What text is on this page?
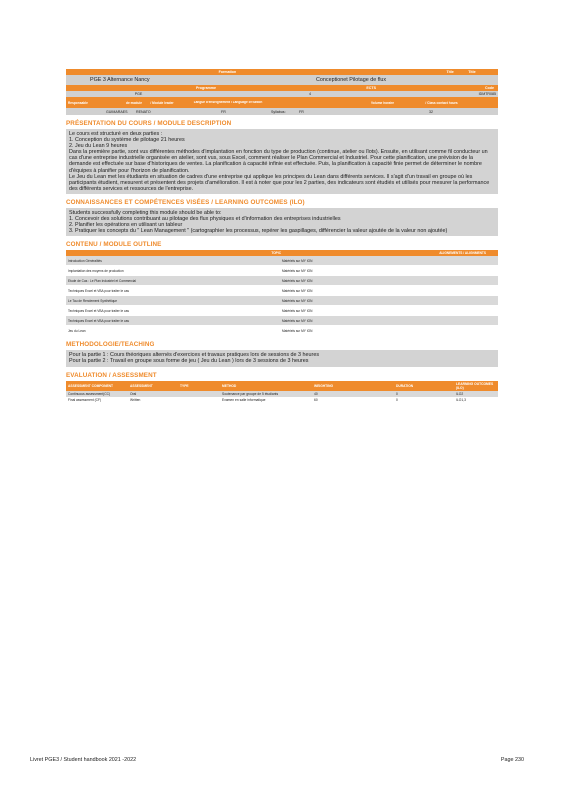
Formation	Title	Title
PGE 3 Alternance Nancy	Conceptionet Pilotage de flux
Programme	ECTS	Code
PGE	4	IDMTR085
Responsable	de module	/ Module leader	Langue d'enseignement / Language of tuition	Volume horaire	/ Class contact hours
GUIMARAES	RENATO	FR	Syllabus:	FR	32
PRÉSENTATION DU COURS / MODULE DESCRIPTION
Le cours est structuré en deux parties :
1. Conception du système de pilotage 21 heures
2. Jeu du Lean 9 heures
Dans la première partie, sont vus différentes méthodes d'implantation en fonction du type de production (continue, atelier ou îlots). Ensuite, en utilisant comme fil conducteur un cas d'une entreprise industrielle organisée en atelier, sont vus, sous Excel, comment réaliser le Plan Commercial et Industriel. Pour cette planification, une prévision de la demande est effectuée sur base d'historiques de ventes. La planification à capacité infinie est effectuée. Puis, la planification à capacité finie permet de déterminer le nombre d'équipes à planifier pour l'horizon de planification.
Le Jeu du Lean met les étudiants en situation de cadres d'une entreprise qui applique les principes du Lean dans différents services. Il s'agit d'un travail en groupe où les participants étudient, mesurent et présentent des projets d'amélioration. Il est à noter que pour les 2 parties, des indicateurs sont étudiés et utilisés pour mesurer la performance des différents services et ressources de l'entreprise.
CONNAISSANCES ET COMPÉTENCES VISÉES / LEARNING OUTCOMES (ILO)
Students successfully completing this module should be able to:
1. Concevoir des solutions contribuant au pilotage des flux physiques et d'information des entreprises industrielles
2. Planifier les opérations en utilisant un tableur
3. Pratiquer les concepts du " Lean Management " (cartographier les processus, repérer les gaspillages, différencier la valeur ajoutée de la valeur non ajoutée)
CONTENU / MODULE OUTLINE
TOPIC	ALIGNEMENTS / ALIGNMENTS
Introduction Généralités	Matériels sur MY ION
Implantation des moyens de production	Matériels sur MY ION
Etude de Cas : Le Plan Industriel et Commercial	Matériels sur MY ION
Techniques Excel et VBA pour traiter le cas	Matériels sur MY ION
Le Tau de Rendement Synthétique	Matériels sur MY ION
Techniques Excel et VBA pour traiter le cas	Matériels sur MY ION
Techniques Excel et VBA pour traiter le cas	Matériels sur MY ION
Jeu du Lean	Matériels sur MY ION
METHODOLOGIE/TEACHING
Pour la partie 1 : Cours théoriques alternés d'exercices et travaux pratiques lors de sessions de 3 heures
Pour la partie 2 : Travail en groupe sous forme de jeu ( Jeu du Lean ) lors de 3 sessions de 3 heures
EVALUATION / ASSESSMENT
ASSESSMENT COMPONENT	ASSESSMENT	TYPE	METHOD	WEIGHTING	DURATION	LEARNING OUTCOMES (ILO)
Continuous assessment(CC)	Oral		Soutenance par groupe de 5 étudiants	40	0	ILO2
Final assessment (CF)	Written		Examen en salle informatique	60	0	ILO1,3
Livret PGE3 / Student handbook 2021 -2022	Page 230
